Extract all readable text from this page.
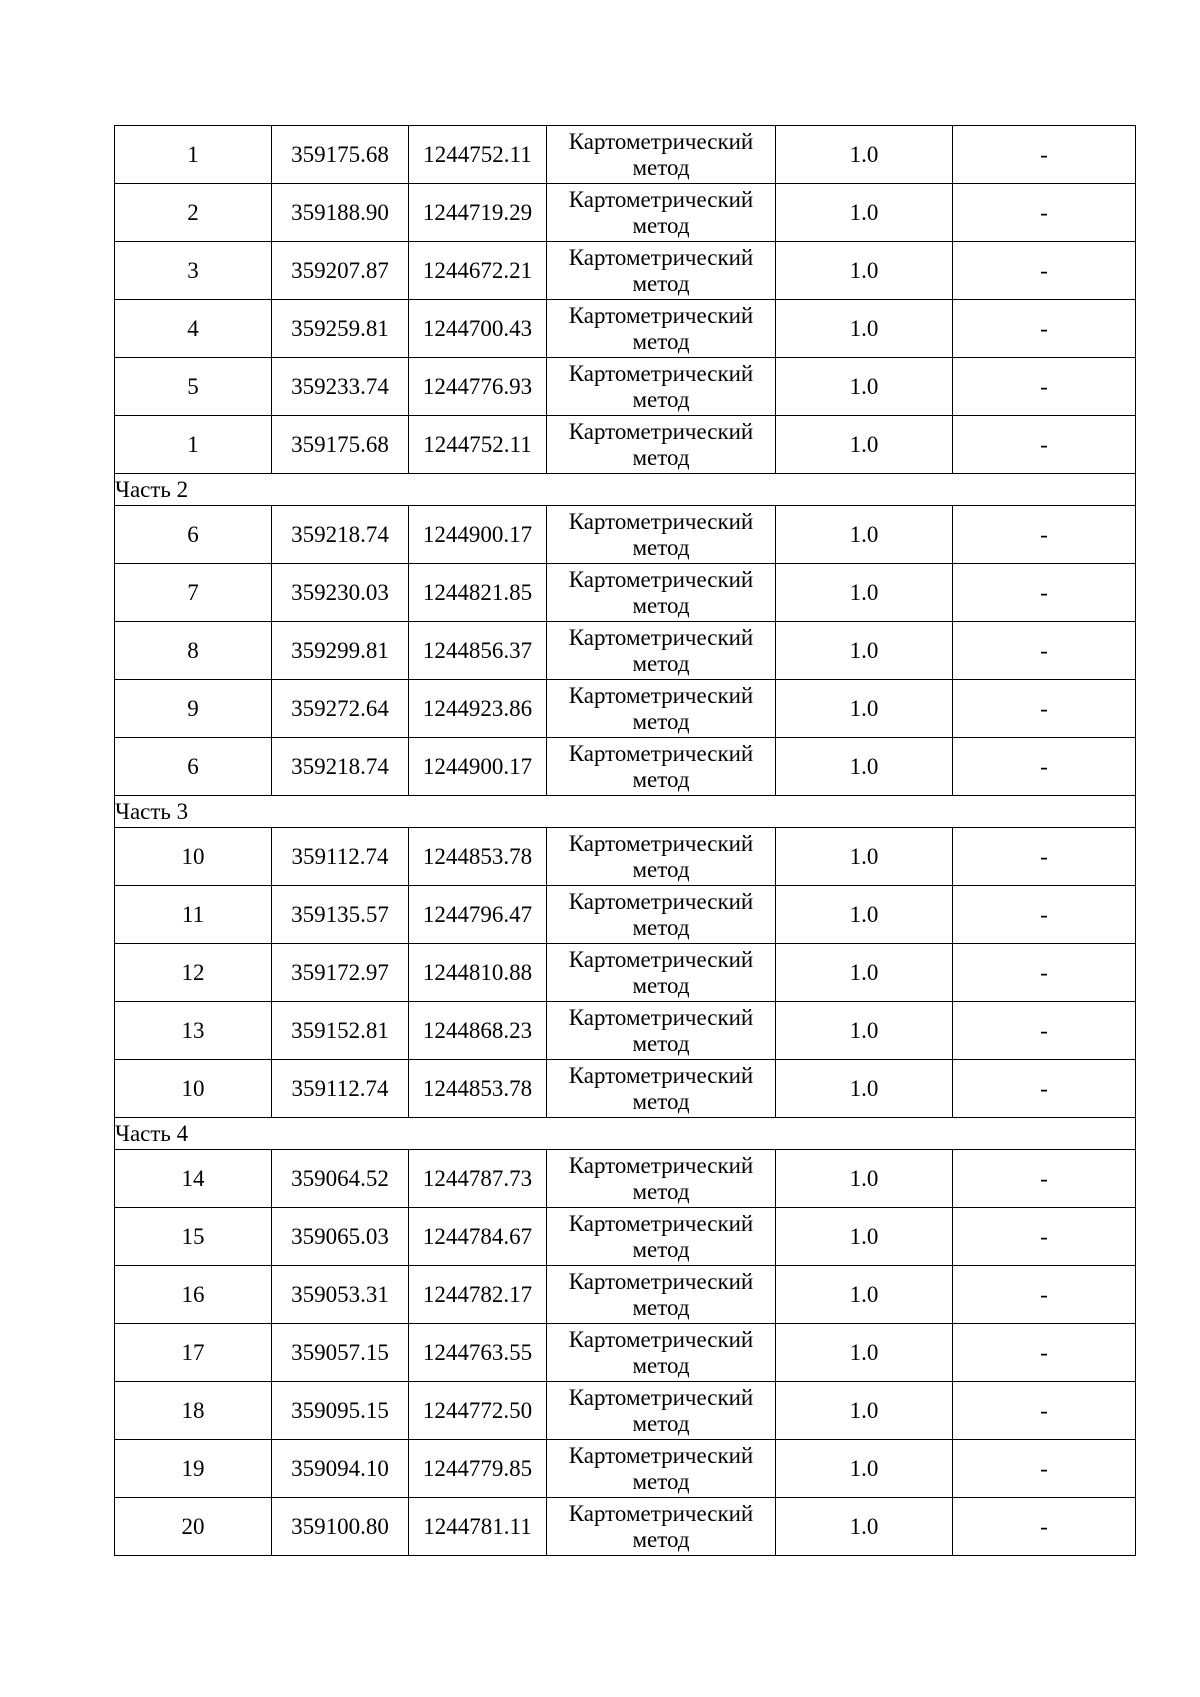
1	359175.68	1244752.11	Картометрический метод	1.0	-
2	359188.90	1244719.29	Картометрический метод	1.0	-
3	359207.87	1244672.21	Картометрический метод	1.0	-
4	359259.81	1244700.43	Картометрический метод	1.0	-
5	359233.74	1244776.93	Картометрический метод	1.0	-
1	359175.68	1244752.11	Картометрический метод	1.0	-
Часть 2					
6	359218.74	1244900.17	Картометрический метод	1.0	-
7	359230.03	1244821.85	Картометрический метод	1.0	-
8	359299.81	1244856.37	Картометрический метод	1.0	-
9	359272.64	1244923.86	Картометрический метод	1.0	-
6	359218.74	1244900.17	Картометрический метод	1.0	-
Часть 3					
10	359112.74	1244853.78	Картометрический метод	1.0	-
11	359135.57	1244796.47	Картометрический метод	1.0	-
12	359172.97	1244810.88	Картометрический метод	1.0	-
13	359152.81	1244868.23	Картометрический метод	1.0	-
10	359112.74	1244853.78	Картометрический метод	1.0	-
Часть 4					
14	359064.52	1244787.73	Картометрический метод	1.0	-
15	359065.03	1244784.67	Картометрический метод	1.0	-
16	359053.31	1244782.17	Картометрический метод	1.0	-
17	359057.15	1244763.55	Картометрический метод	1.0	-
18	359095.15	1244772.50	Картометрический метод	1.0	-
19	359094.10	1244779.85	Картометрический метод	1.0	-
20	359100.80	1244781.11	Картометрический метод	1.0	-
